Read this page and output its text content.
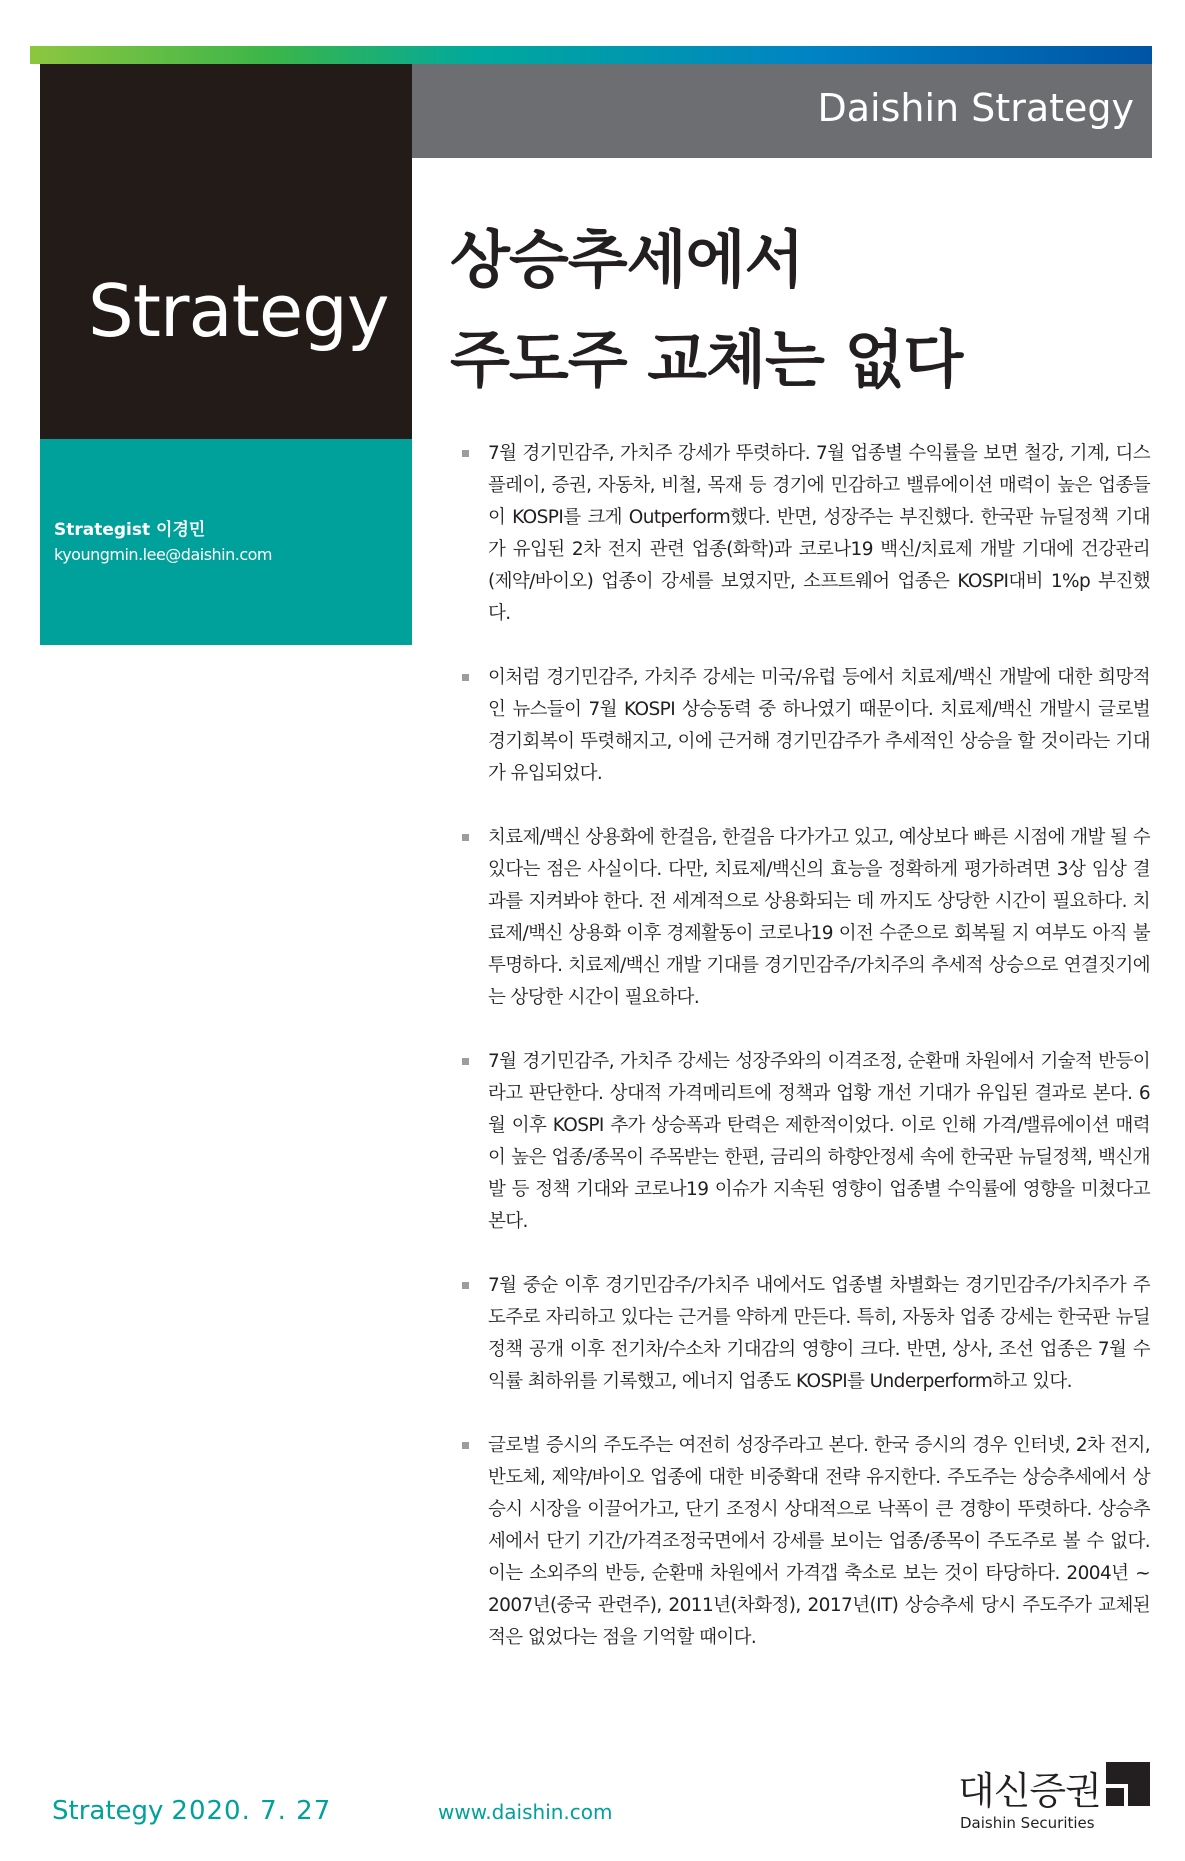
Strategy
Strategist 이경민
kyoungmin.lee@daishin.com
Daishin Strategy
상승추세에서
주도주 교체는 없다
7월 경기민감주, 가치주 강세가 뚜렷하다. 7월 업종별 수익률을 보면 철강, 기계, 디스플레이, 증권, 자동차, 비철, 목재 등 경기에 민감하고 밸류에이션 매력이 높은 업종들이 KOSPI를 크게 Outperform했다. 반면, 성장주는 부진했다. 한국판 뉴딜정책 기대가 유입된 2차 전지 관련 업종(화학)과 코로나19 백신/치료제 개발 기대에 건강관리(제약/바이오) 업종이 강세를 보였지만, 소프트웨어 업종은 KOSPI대비 1%p 부진했다.
이처럼 경기민감주, 가치주 강세는 미국/유럽 등에서 치료제/백신 개발에 대한 희망적인 뉴스들이 7월 KOSPI 상승동력 중 하나였기 때문이다. 치료제/백신 개발시 글로벌 경기회복이 뚜렷해지고, 이에 근거해 경기민감주가 추세적인 상승을 할 것이라는 기대가 유입되었다.
치료제/백신 상용화에 한걸음, 한걸음 다가가고 있고, 예상보다 빠른 시점에 개발 될 수 있다는 점은 사실이다. 다만, 치료제/백신의 효능을 정확하게 평가하려면 3상 임상 결과를 지켜봐야 한다. 전 세계적으로 상용화되는 데 까지도 상당한 시간이 필요하다. 치료제/백신 상용화 이후 경제활동이 코로나19 이전 수준으로 회복될 지 여부도 아직 불투명하다. 치료제/백신 개발 기대를 경기민감주/가치주의 추세적 상승으로 연결짓기에는 상당한 시간이 필요하다.
7월 경기민감주, 가치주 강세는 성장주와의 이격조정, 순환매 차원에서 기술적 반등이라고 판단한다. 상대적 가격메리트에 정책과 업황 개선 기대가 유입된 결과로 본다. 6월 이후 KOSPI 추가 상승폭과 탄력은 제한적이었다. 이로 인해 가격/밸류에이션 매력이 높은 업종/종목이 주목받는 한편, 금리의 하향안정세 속에 한국판 뉴딜정책, 백신개발 등 정책 기대와 코로나19 이슈가 지속된 영향이 업종별 수익률에 영향을 미쳤다고 본다.
7월 중순 이후 경기민감주/가치주 내에서도 업종별 차별화는 경기민감주/가치주가 주도주로 자리하고 있다는 근거를 약하게 만든다. 특히, 자동차 업종 강세는 한국판 뉴딜정책 공개 이후 전기차/수소차 기대감의 영향이 크다. 반면, 상사, 조선 업종은 7월 수익률 최하위를 기록했고, 에너지 업종도 KOSPI를 Underperform하고 있다.
글로벌 증시의 주도주는 여전히 성장주라고 본다. 한국 증시의 경우 인터넷, 2차 전지, 반도체, 제약/바이오 업종에 대한 비중확대 전략 유지한다. 주도주는 상승추세에서 상승시 시장을 이끌어가고, 단기 조정시 상대적으로 낙폭이 큰 경향이 뚜렷하다. 상승추세에서 단기 기간/가격조정국면에서 강세를 보이는 업종/종목이 주도주로 볼 수 없다. 이는 소외주의 반등, 순환매 차원에서 가격갭 축소로 보는 것이 타당하다. 2004년 ~ 2007년(중국 관련주), 2011년(차화정), 2017년(IT) 상승추세 당시 주도주가 교체된 적은 없었다는 점을 기억할 때이다.
Strategy 2020. 7. 27	www.daishin.com	대신증권
Daishin Securities
